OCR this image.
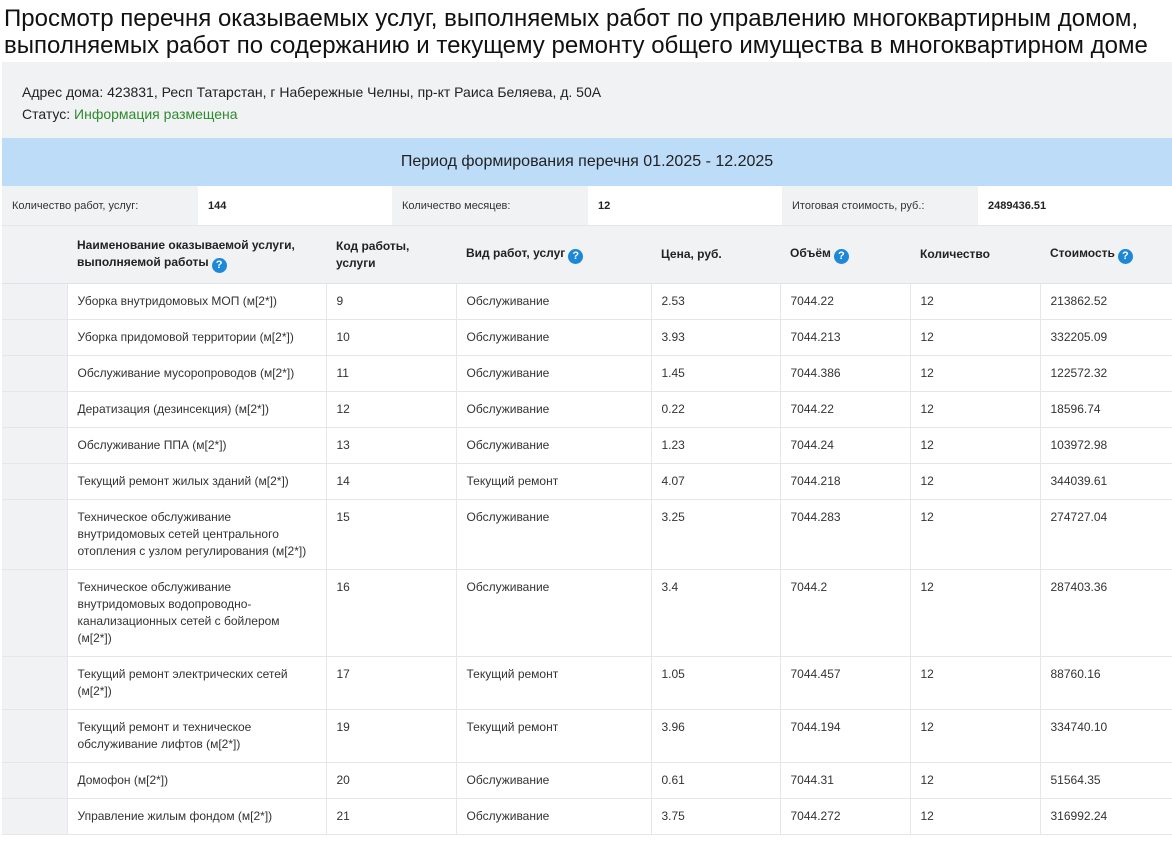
Просмотр перечня оказываемых услуг, выполняемых работ по управлению многоквартирным домом,
выполняемых работ по содержанию и текущему ремонту общего имущества в многоквартирном доме
Адрес дома: 423831, Респ Татарстан, г Набережные Челны, пр-кт Раиса Беляева, д. 50А
Статус: Информация размещена
Период формирования перечня 01.2025 - 12.2025
Количество работ, услуг:	144	Количество месяцев:	12	Итоговая стоимость, руб.:	2489436.51
	Наименование оказываемой услуги, выполняемой работы ?	Код работы, услуги	Вид работ, услуг ?	Цена, руб.	Объём ?	Количество	Стоимость ?
	Уборка внутридомовых МОП (м[2*])	9	Обслуживание	2.53	7044.22	12	213862.52
	Уборка придомовой территории (м[2*])	10	Обслуживание	3.93	7044.213	12	332205.09
	Обслуживание мусоропроводов (м[2*])	11	Обслуживание	1.45	7044.386	12	122572.32
	Дератизация (дезинсекция) (м[2*])	12	Обслуживание	0.22	7044.22	12	18596.74
	Обслуживание ППА (м[2*])	13	Обслуживание	1.23	7044.24	12	103972.98
	Текущий ремонт жилых зданий (м[2*])	14	Текущий ремонт	4.07	7044.218	12	344039.61
	Техническое обслуживание внутридомовых сетей центрального отопления с узлом регулирования (м[2*])	15	Обслуживание	3.25	7044.283	12	274727.04
	Техническое обслуживание внутридомовых водопроводно-канализационных сетей с бойлером (м[2*])	16	Обслуживание	3.4	7044.2	12	287403.36
	Текущий ремонт электрических сетей (м[2*])	17	Текущий ремонт	1.05	7044.457	12	88760.16
	Текущий ремонт и техническое обслуживание лифтов (м[2*])	19	Текущий ремонт	3.96	7044.194	12	334740.10
	Домофон (м[2*])	20	Обслуживание	0.61	7044.31	12	51564.35
	Управление жилым фондом (м[2*])	21	Обслуживание	3.75	7044.272	12	316992.24
